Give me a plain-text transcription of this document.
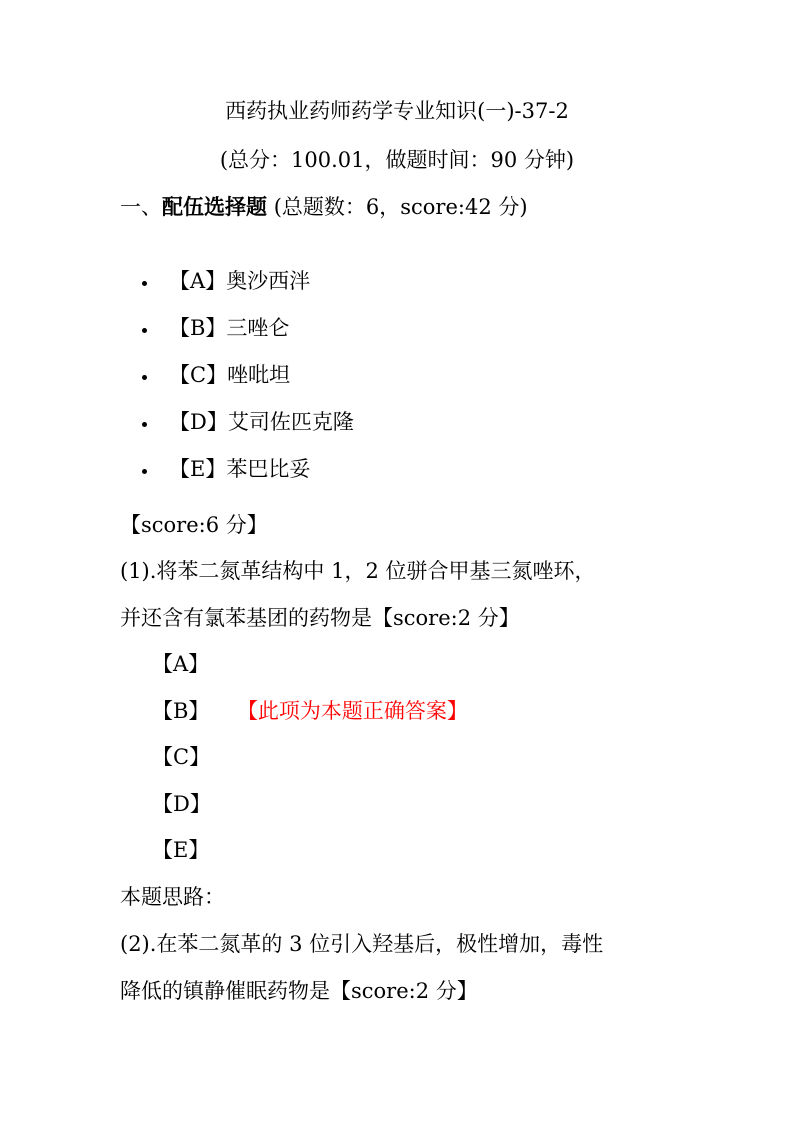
西药执业药师药学专业知识(一)-37-2
(总分：100.01，做题时间：90 分钟)
一、配伍选择题 (总题数：6，score:42 分)
【A】奥沙西泮
【B】三唑仑
【C】唑吡坦
【D】艾司佐匹克隆
【E】苯巴比妥
【score:6 分】
(1).将苯二氮革结构中 1，2 位骈合甲基三氮唑环，
并还含有氯苯基团的药物是【score:2 分】
【A】
【B】 【此项为本题正确答案】
【C】
【D】
【E】
本题思路：
(2).在苯二氮革的 3 位引入羟基后，极性增加，毒性
降低的镇静催眠药物是【score:2 分】
